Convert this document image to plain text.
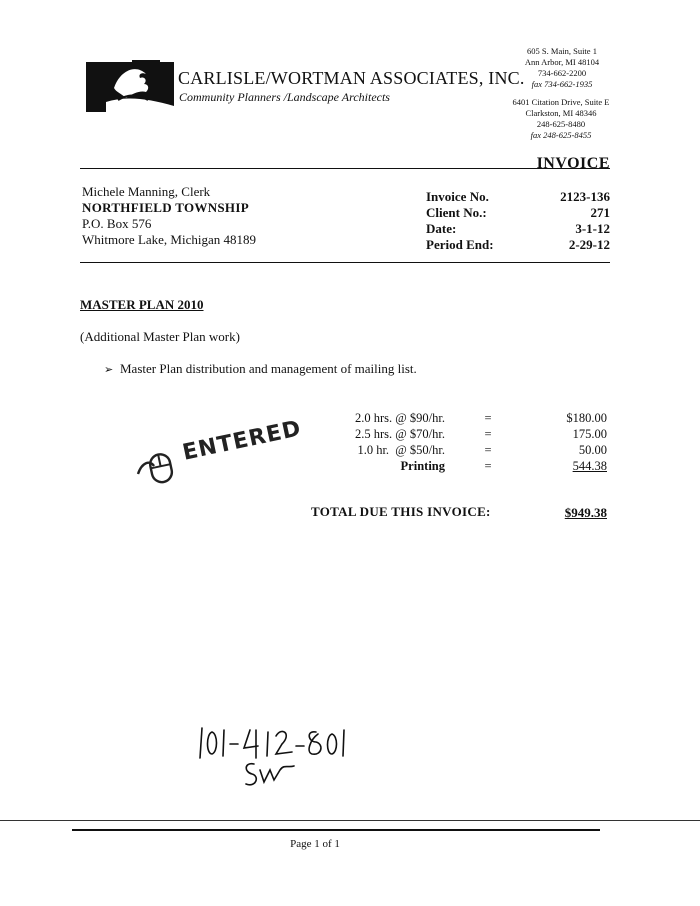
CARLISLE/WORTMAN ASSOCIATES, INC.
Community Planners /Landscape Architects
605 S. Main, Suite 1
Ann Arbor, MI 48104
734-662-2200
fax 734-662-1935
6401 Citation Drive, Suite E
Clarkston, MI 48346
248-625-8480
fax 248-625-8455
INVOICE
Michele Manning, Clerk
NORTHFIELD TOWNSHIP
P.O. Box 576
Whitmore Lake, Michigan 48189
Invoice No.
Client No.:
Date:
Period End:
2123-136
271
3-1-12
2-29-12
MASTER PLAN 2010
(Additional Master Plan work)
➢ Master Plan distribution and management of mailing list.
2.0 hrs. @ $90/hr.
2.5 hrs. @ $70/hr.
1.0 hr.  @ $50/hr.
Printing
=
=
=
=
$180.00
175.00
50.00
544.38
TOTAL DUE THIS INVOICE:	$949.38
ENTERED
Page 1 of 1
